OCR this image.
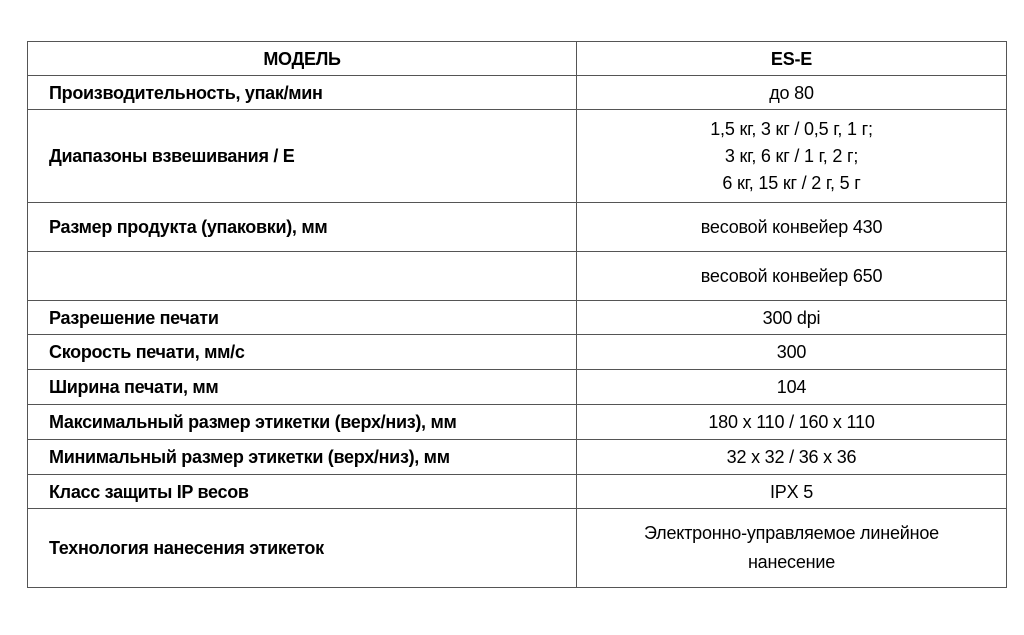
МОДЕЛЬ	ES-E
Производительность, упак/мин	до 80
Диапазоны взвешивания / Е	1,5 кг, 3 кг / 0,5 г, 1 г;
3 кг, 6 кг / 1 г, 2 г;
6 кг, 15 кг / 2 г, 5 г

Размер продукта (упаковки), мм	весовой конвейер 430
	весовой конвейер 650
Разрешение печати	300 dpi
Скорость печати, мм/с	300
Ширина печати, мм	104
Максимальный размер этикетки (верх/низ), мм	180 x 110 / 160 x 110
Минимальный размер этикетки (верх/низ), мм	32 x 32 / 36 x 36
Класс защиты IP весов	IPX 5
Технология нанесения этикеток	Электронно-управляемое линейное
нанесение
